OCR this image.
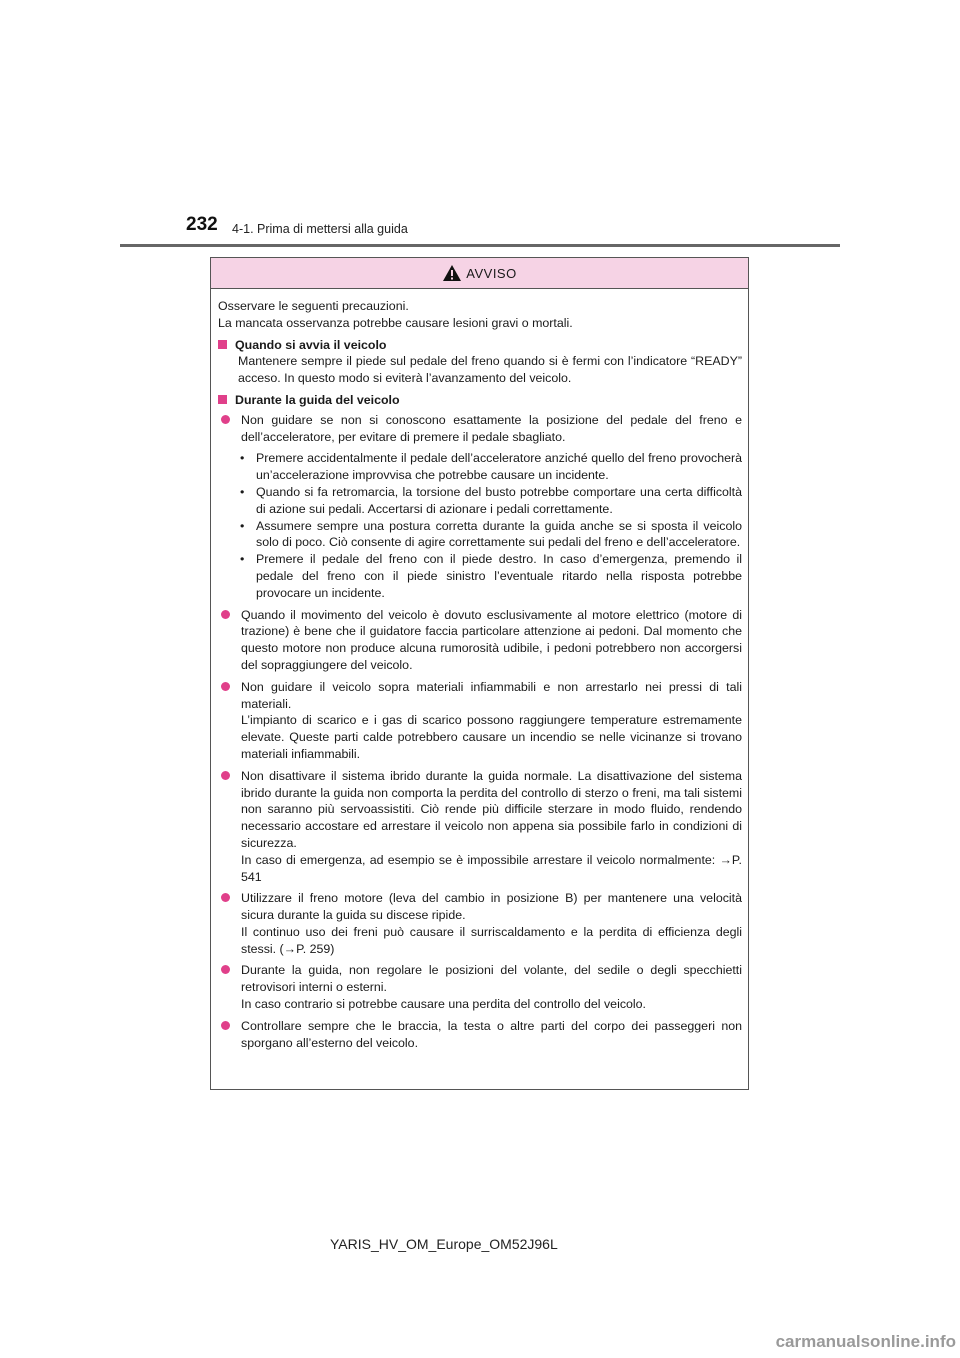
232 4-1. Prima di mettersi alla guida
AVVISO

Osservare le seguenti precauzioni.

La mancata osservanza potrebbe causare lesioni gravi o mortali.

Quando si avvia il veicolo
Mantenere sempre il piede sul pedale del freno quando si è fermi con l’indicatore “READY” acceso. In questo modo si eviterà l’avanzamento del veicolo.
Durante la guida del veicolo

Non guidare se non si conoscono esattamente la posizione del pedale del freno e dell’acceleratore, per evitare di premere il pedale sbagliato.

• Premere accidentalmente il pedale dell’acceleratore anziché quello del freno provocherà un’accelerazione improvvisa che potrebbe causare un incidente.
• Quando si fa retromarcia, la torsione del busto potrebbe comportare una certa difficoltà di azione sui pedali. Accertarsi di azionare i pedali correttamente.
• Assumere sempre una postura corretta durante la guida anche se si sposta il veicolo solo di poco. Ciò consente di agire correttamente sui pedali del freno e dell’acceleratore.
• Premere il pedale del freno con il piede destro. In caso d’emergenza, premendo il pedale del freno con il piede sinistro l’eventuale ritardo nella risposta potrebbe provocare un incidente.

Quando il movimento del veicolo è dovuto esclusivamente al motore elettrico (motore di trazione) è bene che il guidatore faccia particolare attenzione ai pedoni. Dal momento che questo motore non produce alcuna rumorosità udibile, i pedoni potrebbero non accorgersi del sopraggiungere del veicolo.

Non guidare il veicolo sopra materiali infiammabili e non arrestarlo nei pressi di tali materiali.

L’impianto di scarico e i gas di scarico possono raggiungere temperature estremamente elevate. Queste parti calde potrebbero causare un incendio se nelle vicinanze si trovano materiali infiammabili.

Non disattivare il sistema ibrido durante la guida normale. La disattivazione del sistema ibrido durante la guida non comporta la perdita del controllo di sterzo o freni, ma tali sistemi non saranno più servoassistiti. Ciò rende più difficile sterzare in modo fluido, rendendo necessario accostare ed arrestare il veicolo non appena sia possibile farlo in condizioni di sicurezza.

In caso di emergenza, ad esempio se è impossibile arrestare il veicolo normalmente: →P. 541

Utilizzare il freno motore (leva del cambio in posizione B) per mantenere una velocità sicura durante la guida su discese ripide.

Il continuo uso dei freni può causare il surriscaldamento e la perdita di efficienza degli stessi. (→P. 259)

Durante la guida, non regolare le posizioni del volante, del sedile o degli specchietti retrovisori interni o esterni.

In caso contrario si potrebbe causare una perdita del controllo del veicolo.

Controllare sempre che le braccia, la testa o altre parti del corpo dei passeggeri non sporgano all’esterno del veicolo.

YARIS_HV_OM_Europe_OM52J96L
carmanualsonline.info
